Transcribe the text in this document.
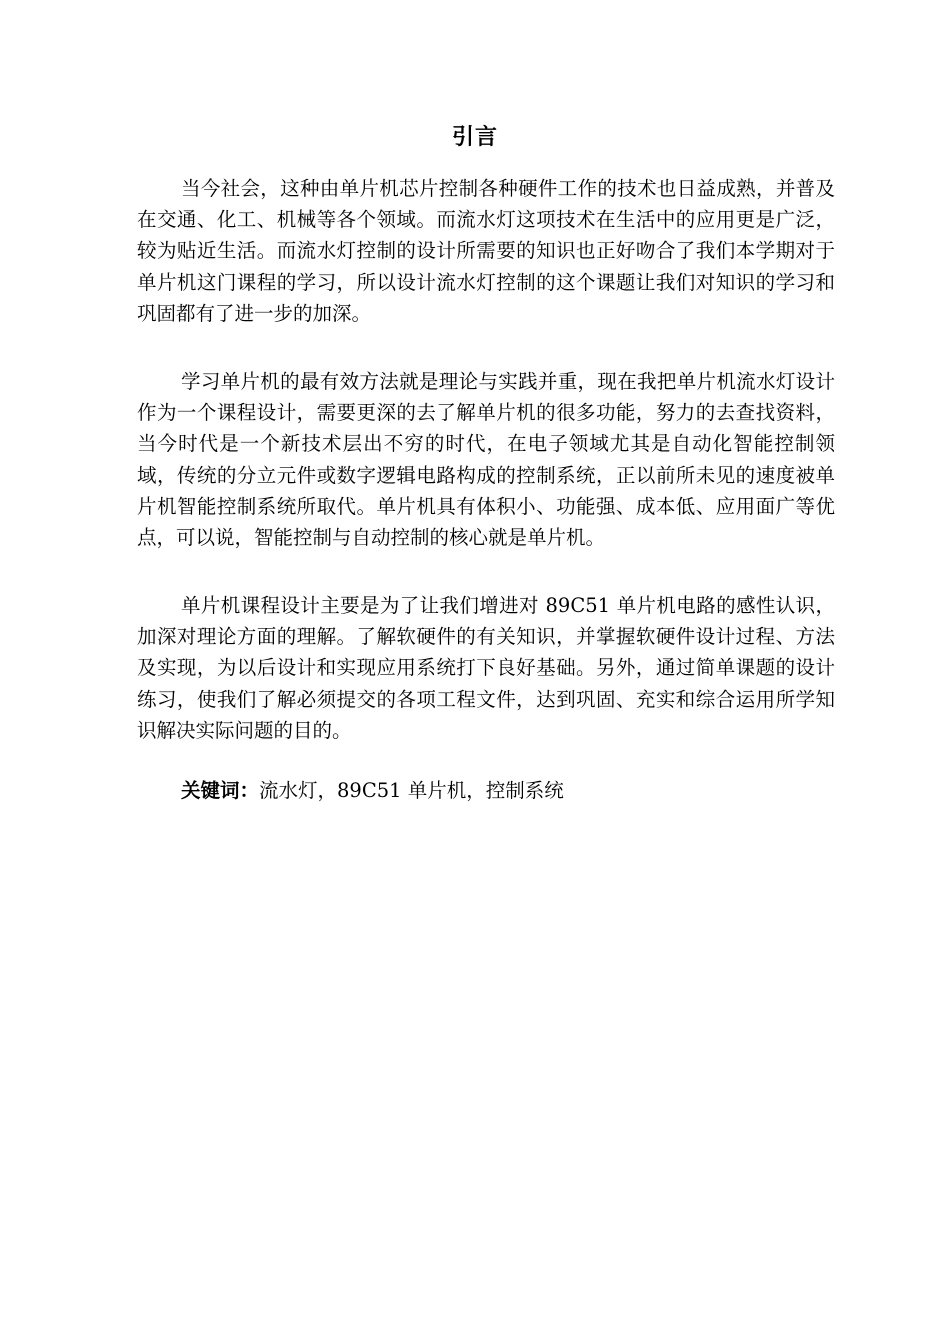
引言

当今社会，这种由单片机芯片控制各种硬件工作的技术也日益成熟，并普及在交通、化工、机械等各个领域。而流水灯这项技术在生活中的应用更是广泛，较为贴近生活。而流水灯控制的设计所需要的知识也正好吻合了我们本学期对于单片机这门课程的学习，所以设计流水灯控制的这个课题让我们对知识的学习和巩固都有了进一步的加深。

学习单片机的最有效方法就是理论与实践并重，现在我把单片机流水灯设计作为一个课程设计，需要更深的去了解单片机的很多功能，努力的去查找资料，当今时代是一个新技术层出不穷的时代，在电子领域尤其是自动化智能控制领域，传统的分立元件或数字逻辑电路构成的控制系统，正以前所未见的速度被单片机智能控制系统所取代。单片机具有体积小、功能强、成本低、应用面广等优点，可以说，智能控制与自动控制的核心就是单片机。

单片机课程设计主要是为了让我们增进对 89C51 单片机电路的感性认识，加深对理论方面的理解。了解软硬件的有关知识，并掌握软硬件设计过程、方法及实现，为以后设计和实现应用系统打下良好基础。另外，通过简单课题的设计练习，使我们了解必须提交的各项工程文件，达到巩固、充实和综合运用所学知识解决实际问题的目的。

关键词：流水灯，89C51 单片机，控制系统
